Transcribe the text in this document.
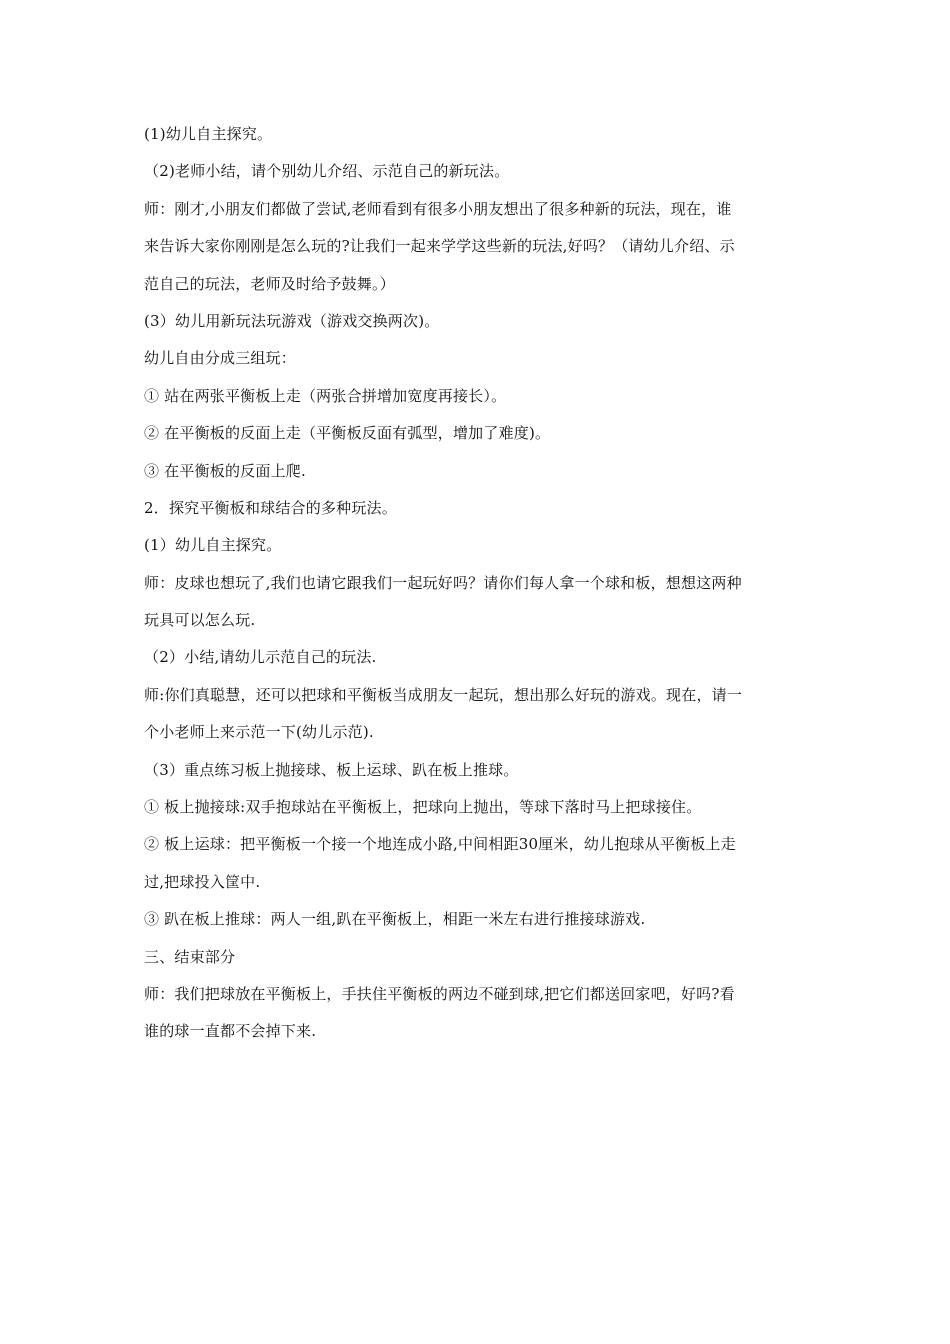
(1)幼儿自主探究。
（2)老师小结，请个别幼儿介绍、示范自己的新玩法。
师：刚才,小朋友们都做了尝试,老师看到有很多小朋友想出了很多种新的玩法，现在，谁
来告诉大家你刚刚是怎么玩的?让我们一起来学学这些新的玩法,好吗？（请幼儿介绍、示
范自己的玩法，老师及时给予鼓舞。）
(3）幼儿用新玩法玩游戏（游戏交换两次)。
幼儿自由分成三组玩：
① 站在两张平衡板上走（两张合拼增加宽度再接长）。
② 在平衡板的反面上走（平衡板反面有弧型，增加了难度)。
③ 在平衡板的反面上爬.
2．探究平衡板和球结合的多种玩法。
(1）幼儿自主探究。
师：皮球也想玩了,我们也请它跟我们一起玩好吗？请你们每人拿一个球和板，想想这两种
玩具可以怎么玩.
（2）小结,请幼儿示范自己的玩法.
师:你们真聪慧，还可以把球和平衡板当成朋友一起玩，想出那么好玩的游戏。现在，请一
个小老师上来示范一下(幼儿示范).
（3）重点练习板上抛接球、板上运球、趴在板上推球。
① 板上抛接球:双手抱球站在平衡板上，把球向上抛出，等球下落时马上把球接住。
② 板上运球：把平衡板一个接一个地连成小路,中间相距30厘米，幼儿抱球从平衡板上走
过,把球投入筐中.
③ 趴在板上推球：两人一组,趴在平衡板上，相距一米左右进行推接球游戏.
三、结束部分
师：我们把球放在平衡板上，手扶住平衡板的两边不碰到球,把它们都送回家吧，好吗?看
谁的球一直都不会掉下来.
